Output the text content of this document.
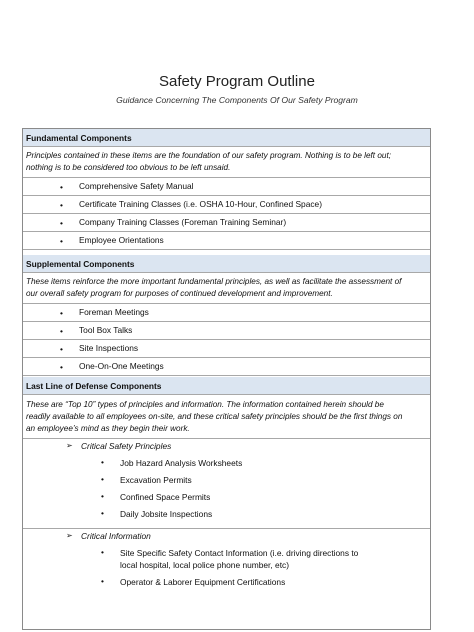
Safety Program Outline
Guidance Concerning The Components Of Our Safety Program
Fundamental Components
Principles contained in these items are the foundation of our safety program. Nothing is to be left out;
nothing is to be considered too obvious to be left unsaid.
• Comprehensive Safety Manual
• Certificate Training Classes (i.e. OSHA 10-Hour, Confined Space)
• Company Training Classes (Foreman Training Seminar)
• Employee Orientations
Supplemental Components
These items reinforce the more important fundamental principles, as well as facilitate the assessment of
our overall safety program for purposes of continued development and improvement.
• Foreman Meetings
• Tool Box Talks
• Site Inspections
• One-On-One Meetings
Last Line of Defense Components
These are “Top 10” types of principles and information. The information contained herein should be
readily available to all employees on-site, and these critical safety principles should be the first things on
an employee’s mind as they begin their work.
➢ Critical Safety Principles
• Job Hazard Analysis Worksheets
• Excavation Permits
• Confined Space Permits
• Daily Jobsite Inspections
➢ Critical Information
• Site Specific Safety Contact Information (i.e. driving directions to
local hospital, local police phone number, etc)
• Operator & Laborer Equipment Certifications
